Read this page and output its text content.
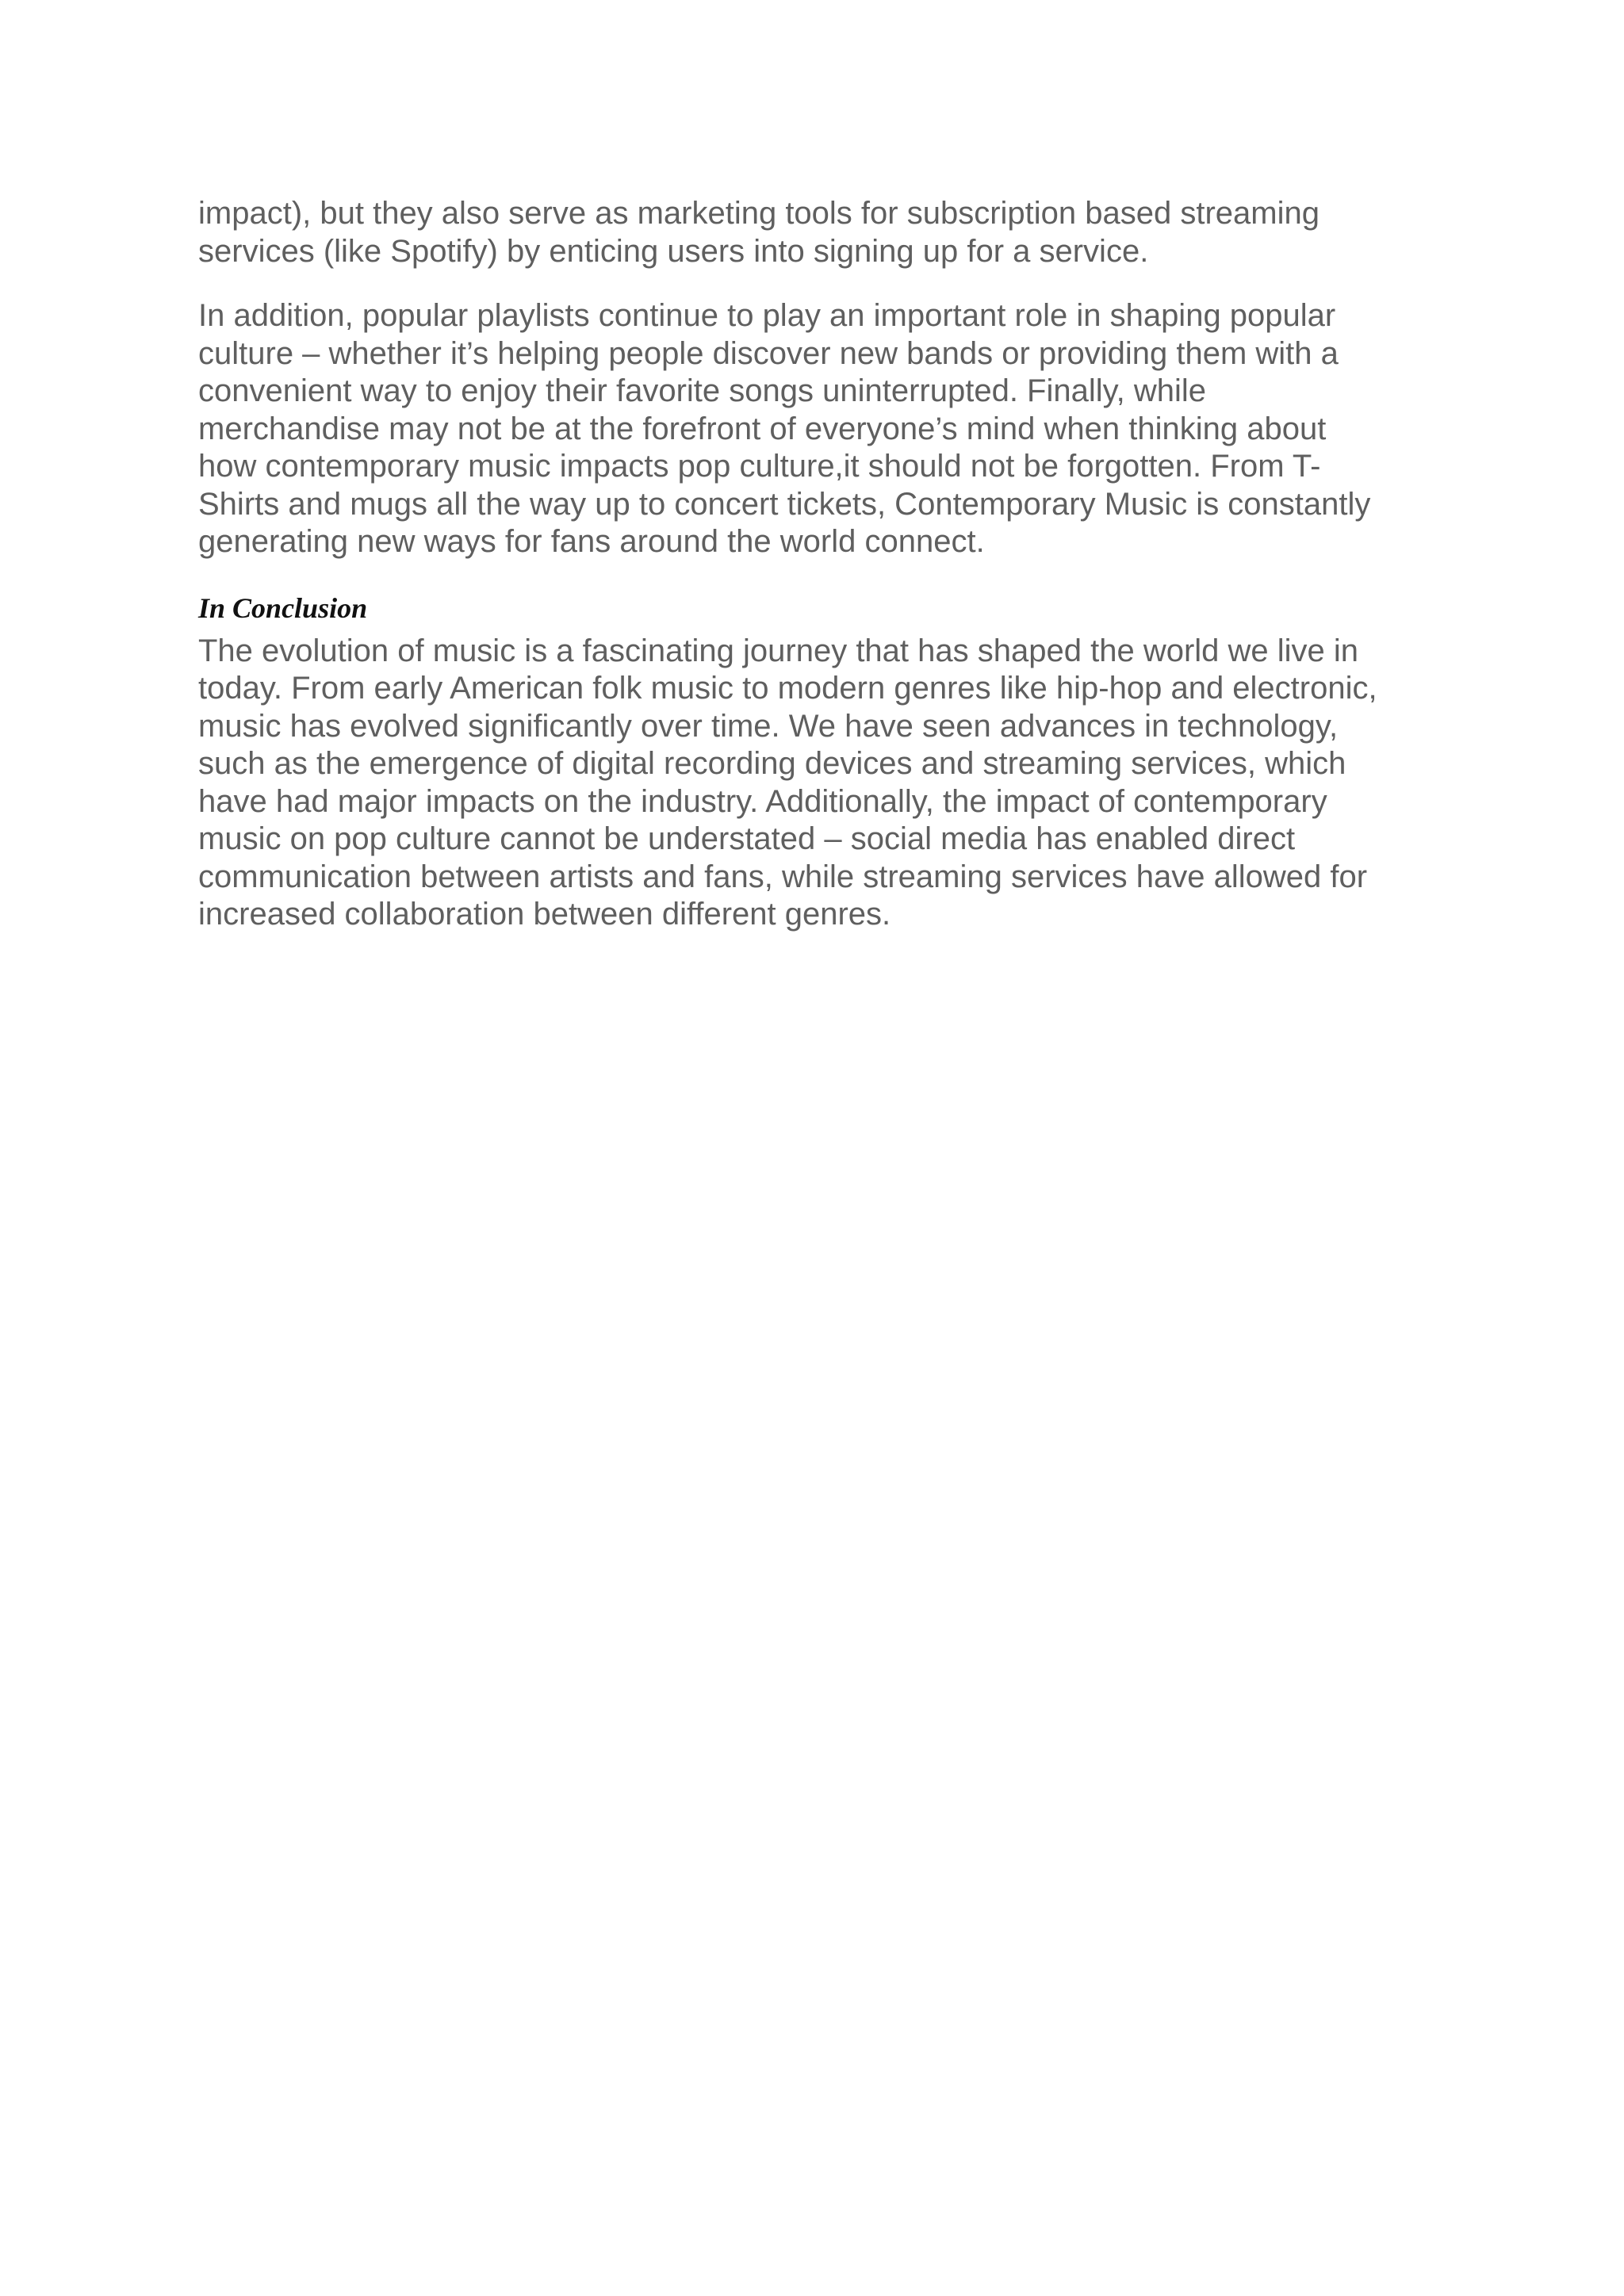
impact), but they also serve as marketing tools for subscription based streaming
services (like Spotify) by enticing users into signing up for a service.

In addition, popular playlists continue to play an important role in shaping popular
culture – whether it’s helping people discover new bands or providing them with a
convenient way to enjoy their favorite songs uninterrupted. Finally, while
merchandise may not be at the forefront of everyone’s mind when thinking about
how contemporary music impacts pop culture,it should not be forgotten. From T-
Shirts and mugs all the way up to concert tickets, Contemporary Music is constantly
generating new ways for fans around the world connect.

In Conclusion

The evolution of music is a fascinating journey that has shaped the world we live in
today. From early American folk music to modern genres like hip-hop and electronic,
music has evolved significantly over time. We have seen advances in technology,
such as the emergence of digital recording devices and streaming services, which
have had major impacts on the industry. Additionally, the impact of contemporary
music on pop culture cannot be understated – social media has enabled direct
communication between artists and fans, while streaming services have allowed for
increased collaboration between different genres.
